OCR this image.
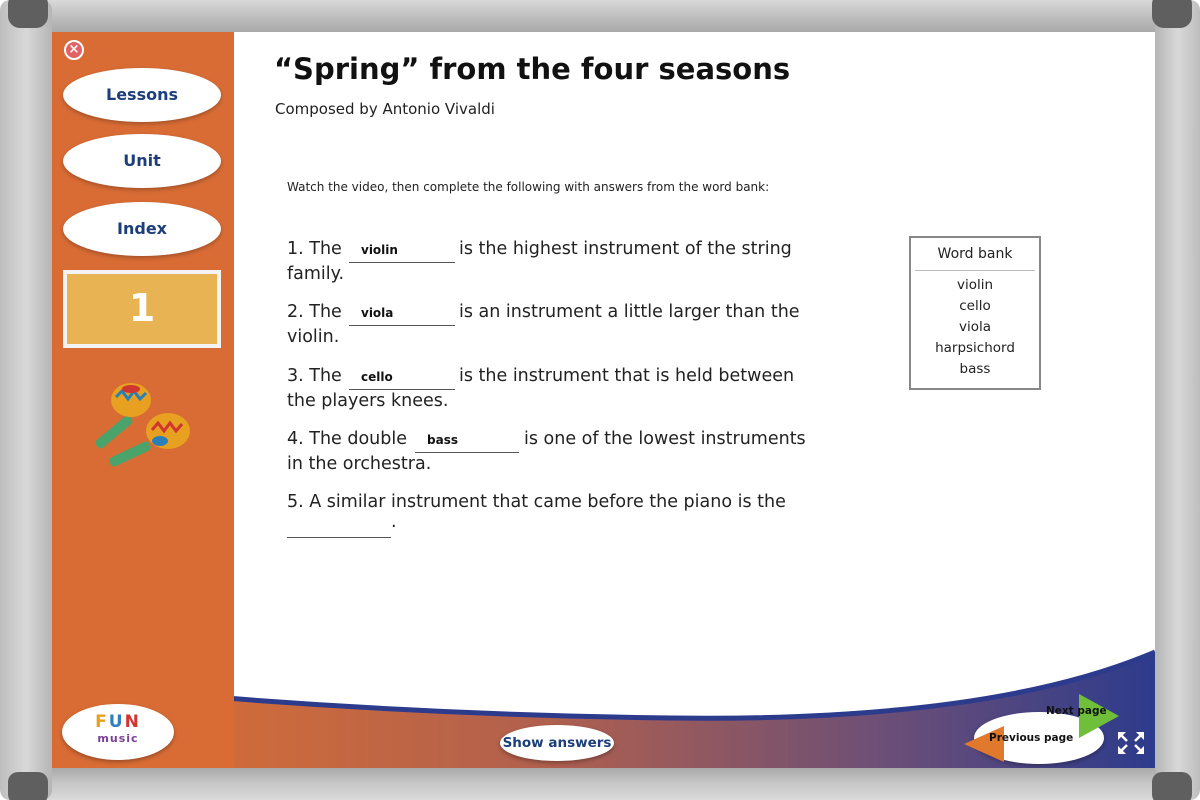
×
Lessons
Unit
Index
1
FUN
music
“Spring” from the four seasons
Composed by Antonio Vivaldi
Watch the video, then complete the following with answers from the word bank:
1. The	violin	is the highest instrument of the string
family.
2. The	viola	is an instrument a little larger than the
violin.
3. The	cello	is the instrument that is held between
the players knees.
4. The double	bass	is one of the lowest instruments
in the orchestra.
5. A similar instrument that came before the piano is the
.
Word bank
violin
cello
viola
harpsichord
bass
Show answers
Next page
Previous page
